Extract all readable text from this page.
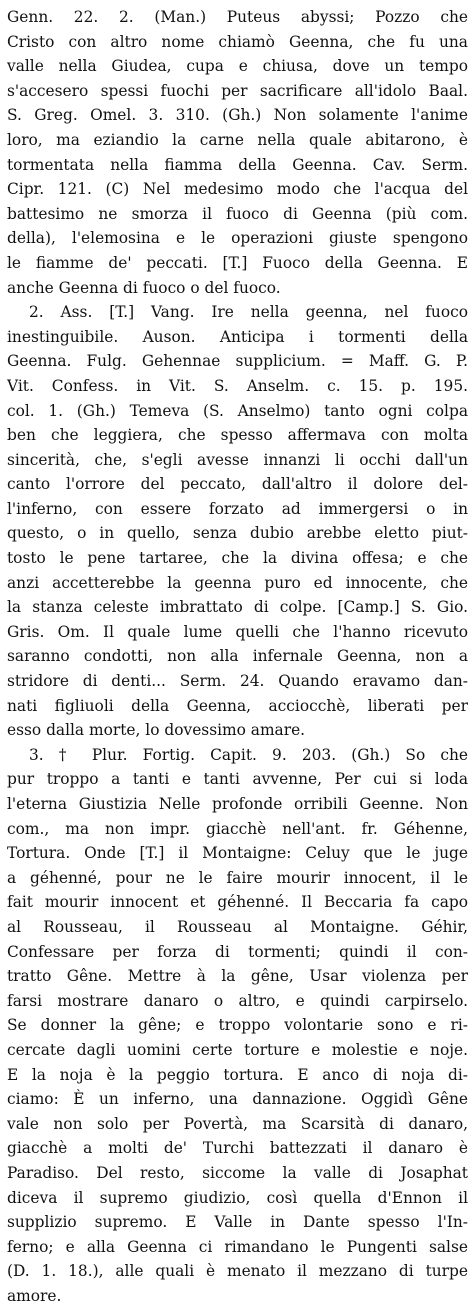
Genn. 22. 2. (Man.) Puteus abyssi; Pozzo che
Cristo con altro nome chiamò Geenna, che fu una
valle nella Giudea, cupa e chiusa, dove un tempo
s'accesero spessi fuochi per sacrificare all'idolo Baal.
S. Greg. Omel. 3. 310. (Gh.) Non solamente l'anime
loro, ma eziandio la carne nella quale abitarono, è
tormentata nella fiamma della Geenna. Cav. Serm.
Cipr. 121. (C) Nel medesimo modo che l'acqua del
battesimo ne smorza il fuoco di Geenna (più com.
della), l'elemosina e le operazioni giuste spengono
le fiamme de' peccati. [T.] Fuoco della Geenna. E
anche Geenna di fuoco o del fuoco.
2. Ass. [T.] Vang. Ire nella geenna, nel fuoco
inestinguibile. Auson. Anticipa i tormenti della
Geenna. Fulg. Gehennae supplicium. = Maff. G. P.
Vit. Confess. in Vit. S. Anselm. c. 15. p. 195.
col. 1. (Gh.) Temeva (S. Anselmo) tanto ogni colpa
ben che leggiera, che spesso affermava con molta
sincerità, che, s'egli avesse innanzi li occhi dall'un
canto l'orrore del peccato, dall'altro il dolore del-
l'inferno, con essere forzato ad immergersi o in
questo, o in quello, senza dubio arebbe eletto piut-
tosto le pene tartaree, che la divina offesa; e che
anzi accetterebbe la geenna puro ed innocente, che
la stanza celeste imbrattato di colpe. [Camp.] S. Gio.
Gris. Om. Il quale lume quelli che l'hanno ricevuto
saranno condotti, non alla infernale Geenna, non a
stridore di denti... Serm. 24. Quando eravamo dan-
nati figliuoli della Geenna, acciocchè, liberati per
esso dalla morte, lo dovessimo amare.
3. † Plur. Fortig. Capit. 9. 203. (Gh.) So che
pur troppo a tanti e tanti avvenne, Per cui si loda
l'eterna Giustizia Nelle profonde orribili Geenne. Non
com., ma non impr. giacchè nell'ant. fr. Géhenne,
Tortura. Onde [T.] il Montaigne: Celuy que le juge
a géhenné, pour ne le faire mourir innocent, il le
fait mourir innocent et géhenné. Il Beccaria fa capo
al Rousseau, il Rousseau al Montaigne. Géhir,
Confessare per forza di tormenti; quindi il con-
tratto Gêne. Mettre à la gêne, Usar violenza per
farsi mostrare danaro o altro, e quindi carpirselo.
Se donner la gêne; e troppo volontarie sono e ri-
cercate dagli uomini certe torture e molestie e noje.
E la noja è la peggio tortura. E anco di noja di-
ciamo: È un inferno, una dannazione. Oggidì Gêne
vale non solo per Povertà, ma Scarsità di danaro,
giacchè a molti de' Turchi battezzati il danaro è
Paradiso. Del resto, siccome la valle di Josaphat
diceva il supremo giudizio, così quella d'Ennon il
supplizio supremo. E Valle in Dante spesso l'In-
ferno; e alla Geenna ci rimandano le Pungenti salse
(D. 1. 18.), alle quali è menato il mezzano di turpe
amore.
